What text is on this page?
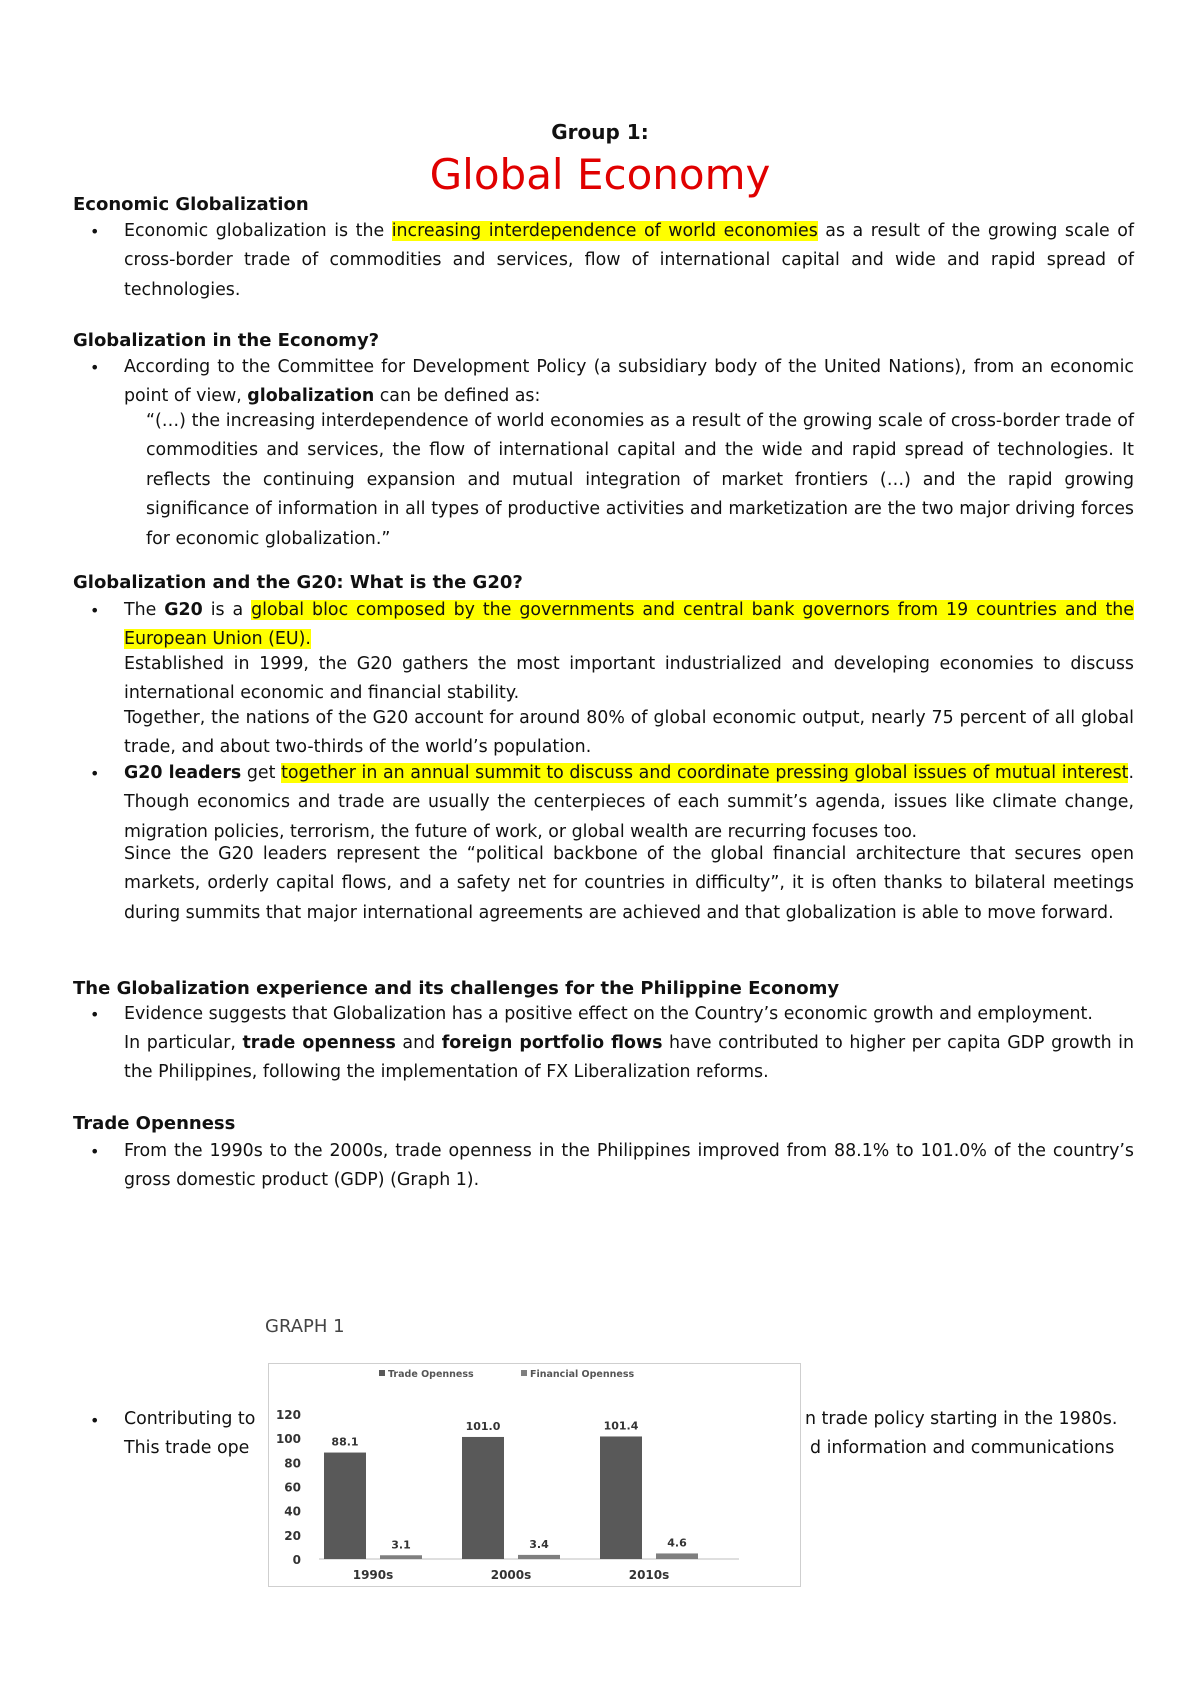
Group 1:
Global Economy
Economic Globalization
• Economic globalization is the increasing interdependence of world economies as a result of the growing scale of cross-border trade of commodities and services, flow of international capital and wide and rapid spread of technologies.
Globalization in the Economy?
• According to the Committee for Development Policy (a subsidiary body of the United Nations), from an economic point of view, globalization can be defined as:
“(…) the increasing interdependence of world economies as a result of the growing scale of cross-border trade of commodities and services, the flow of international capital and the wide and rapid spread of technologies. It reflects the continuing expansion and mutual integration of market frontiers (…) and the rapid growing significance of information in all types of productive activities and marketization are the two major driving forces for economic globalization.”
Globalization and the G20: What is the G20?
• The G20 is a global bloc composed by the governments and central bank governors from 19 countries and the European Union (EU).
Established in 1999, the G20 gathers the most important industrialized and developing economies to discuss international economic and financial stability.
Together, the nations of the G20 account for around 80% of global economic output, nearly 75 percent of all global trade, and about two-thirds of the world’s population.
• G20 leaders get together in an annual summit to discuss and coordinate pressing global issues of mutual interest. Though economics and trade are usually the centerpieces of each summit’s agenda, issues like climate change, migration policies, terrorism, the future of work, or global wealth are recurring focuses too.
Since the G20 leaders represent the “political backbone of the global financial architecture that secures open markets, orderly capital flows, and a safety net for countries in difficulty”, it is often thanks to bilateral meetings during summits that major international agreements are achieved and that globalization is able to move forward.
The Globalization experience and its challenges for the Philippine Economy
• Evidence suggests that Globalization has a positive effect on the Country’s economic growth and employment.
In particular, trade openness and foreign portfolio flows have contributed to higher per capita GDP growth in the Philippines, following the implementation of FX Liberalization reforms.
Trade Openness
• From the 1990s to the 2000s, trade openness in the Philippines improved from 88.1% to 101.0% of the country’s gross domestic product (GDP) (Graph 1).
GRAPH 1
• Contributing to
This trade ope
n trade policy starting in the 1980s.
d information and communications
120
100
80
60
40
20
0
Trade Openness	Financial Openness
88.1
3.1
1990s
101.0
3.4
2000s
101.4
4.6
2010s
